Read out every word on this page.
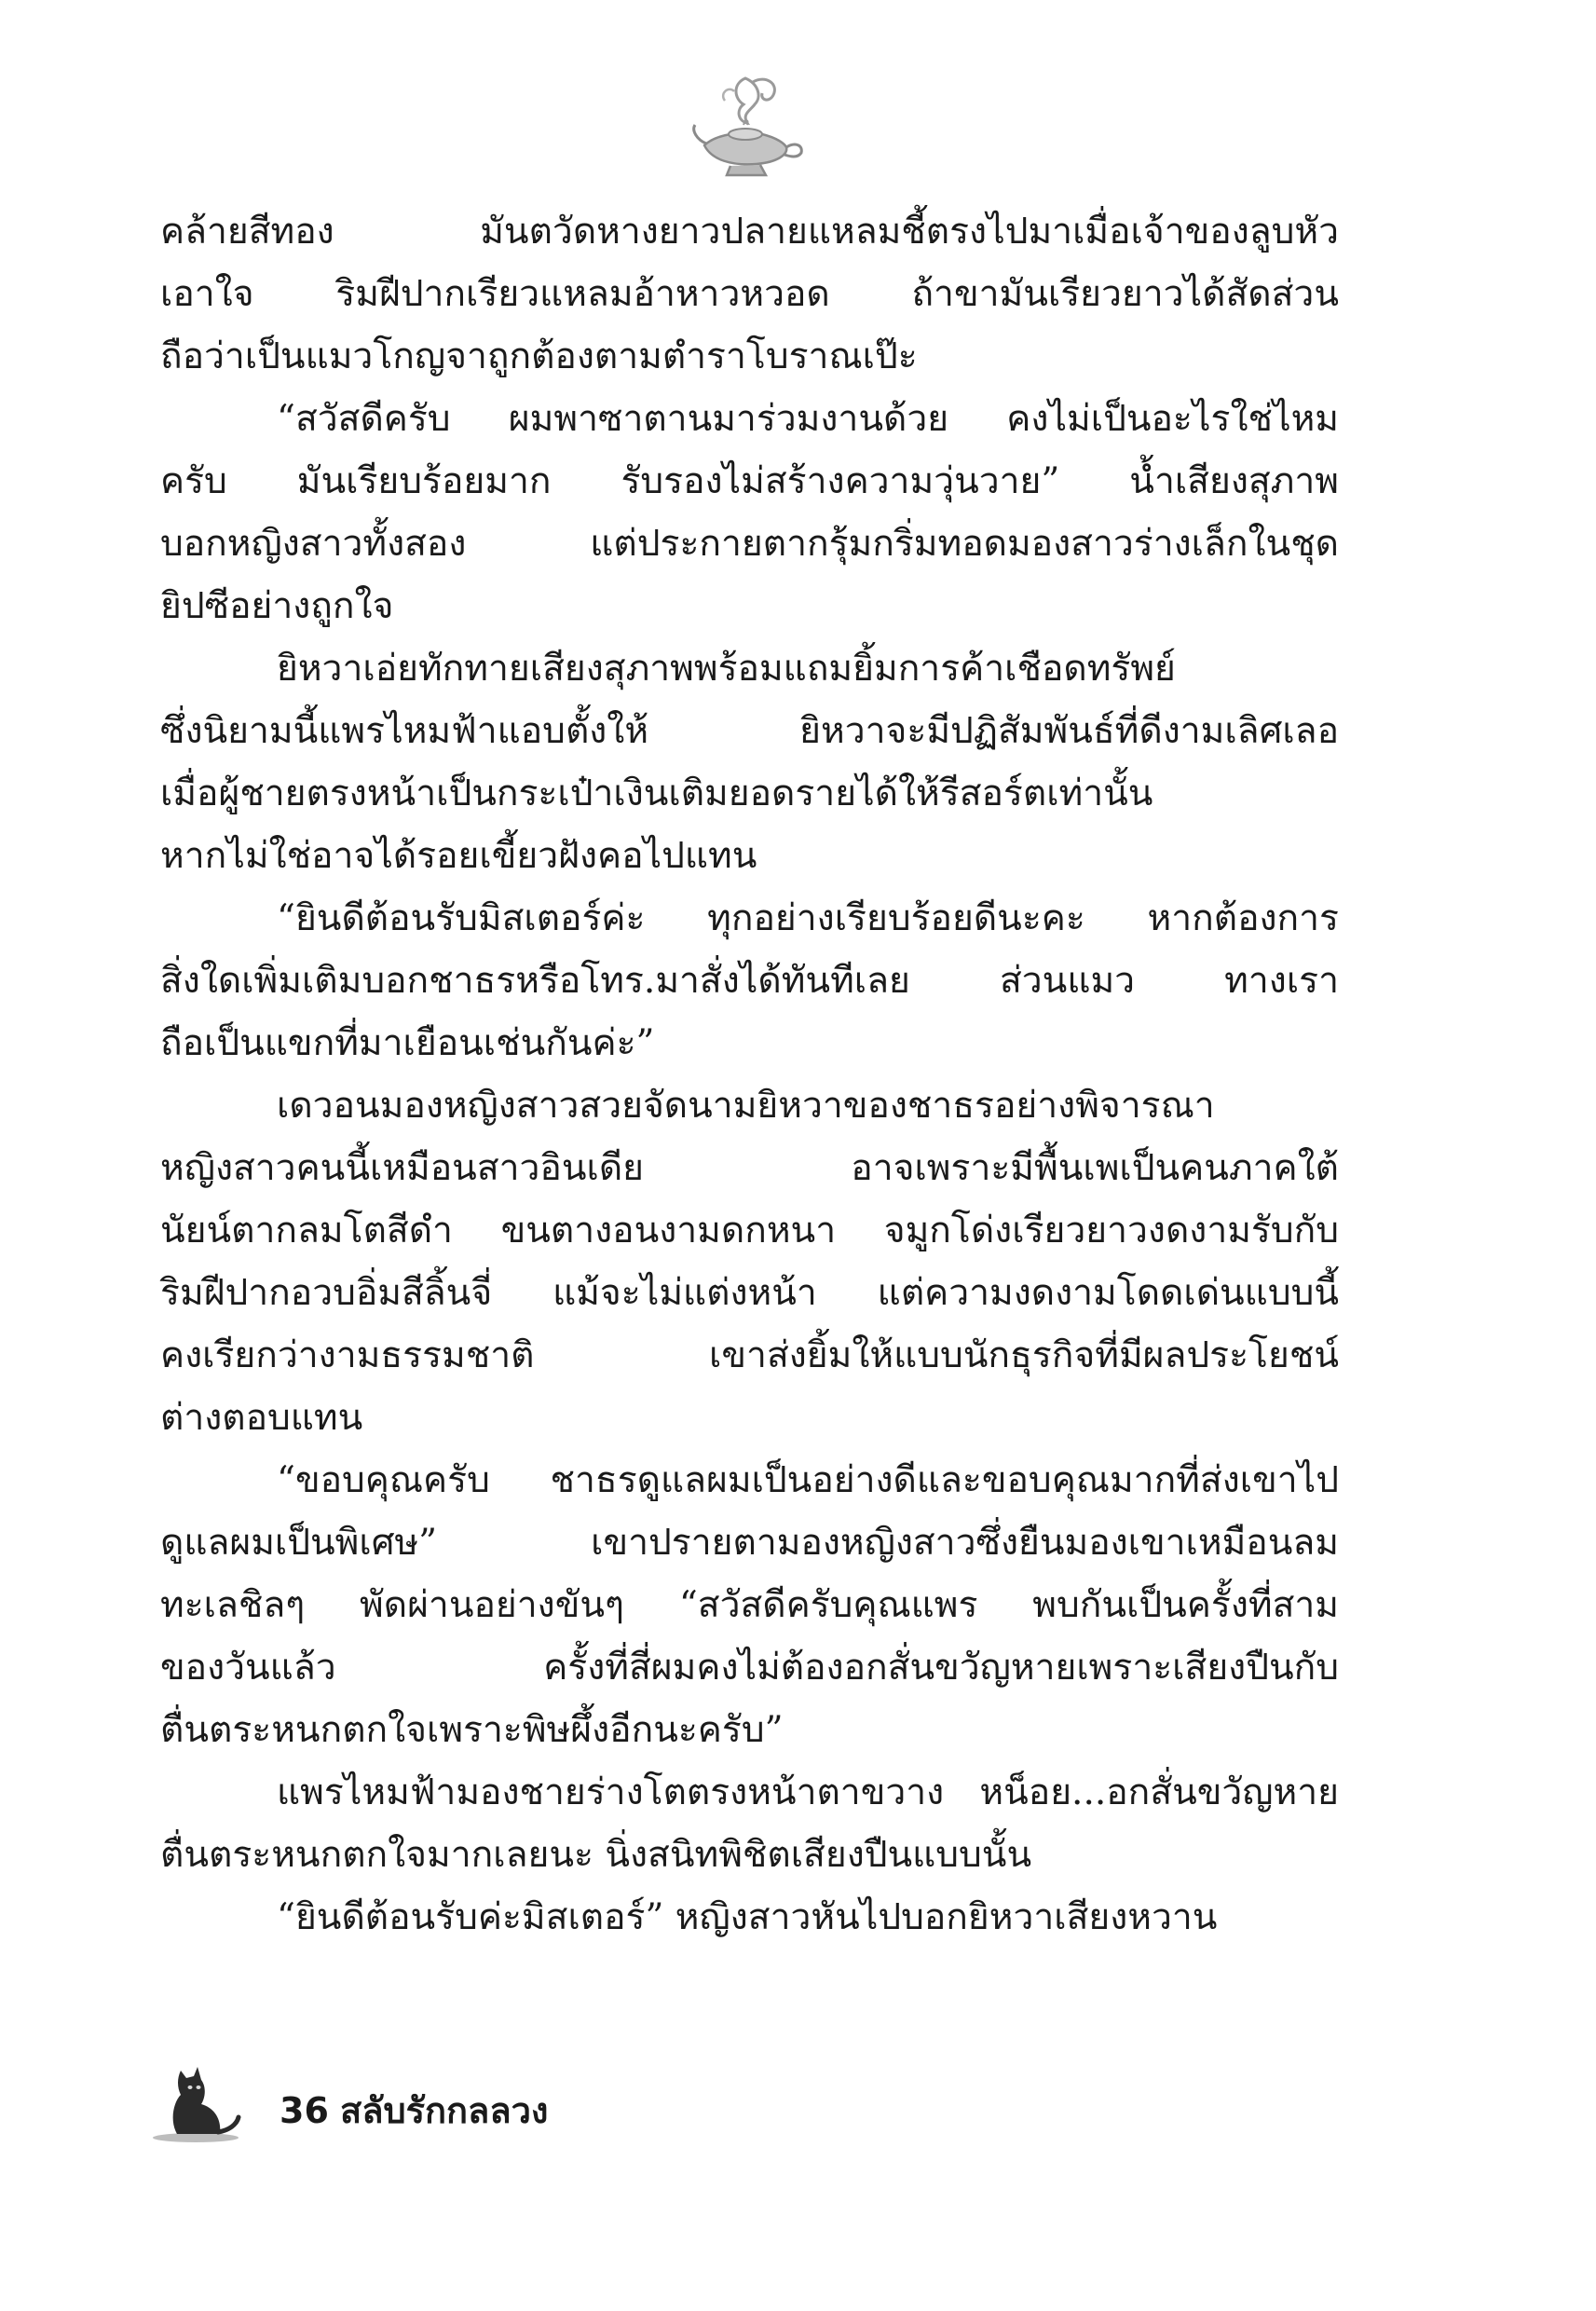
คล้ายสีทอง มันตวัดหางยาวปลายแหลมชี้ตรงไปมาเมื่อเจ้าของลูบหัว
เอาใจ ริมฝีปากเรียวแหลมอ้าหาวหวอด ถ้าขามันเรียวยาวได้สัดส่วน
ถือว่าเป็นแมวโกญจาถูกต้องตามตำราโบราณเป๊ะ
“สวัสดีครับ ผมพาซาตานมาร่วมงานด้วย คงไม่เป็นอะไรใช่ไหม
ครับ มันเรียบร้อยมาก รับรองไม่สร้างความวุ่นวาย” น้ำเสียงสุภาพ
บอกหญิงสาวทั้งสอง แต่ประกายตากรุ้มกริ่มทอดมองสาวร่างเล็กในชุด
ยิปซีอย่างถูกใจ
ยิหวาเอ่ยทักทายเสียงสุภาพพร้อมแถมยิ้มการค้าเชือดทรัพย์
ซึ่งนิยามนี้แพรไหมฟ้าแอบตั้งให้ ยิหวาจะมีปฏิสัมพันธ์ที่ดีงามเลิศเลอ
เมื่อผู้ชายตรงหน้าเป็นกระเป๋าเงินเติมยอดรายได้ให้รีสอร์ตเท่านั้น
หากไม่ใช่อาจได้รอยเขี้ยวฝังคอไปแทน
“ยินดีต้อนรับมิสเตอร์ค่ะ ทุกอย่างเรียบร้อยดีนะคะ หากต้องการ
สิ่งใดเพิ่มเติมบอกชาธรหรือโทร.มาสั่งได้ทันทีเลย ส่วนแมว ทางเรา
ถือเป็นแขกที่มาเยือนเช่นกันค่ะ”
เดวอนมองหญิงสาวสวยจัดนามยิหวาของชาธรอย่างพิจารณา
หญิงสาวคนนี้เหมือนสาวอินเดีย อาจเพราะมีพื้นเพเป็นคนภาคใต้
นัยน์ตากลมโตสีดำ ขนตางอนงามดกหนา จมูกโด่งเรียวยาวงดงามรับกับ
ริมฝีปากอวบอิ่มสีลิ้นจี่ แม้จะไม่แต่งหน้า แต่ความงดงามโดดเด่นแบบนี้
คงเรียกว่างามธรรมชาติ เขาส่งยิ้มให้แบบนักธุรกิจที่มีผลประโยชน์
ต่างตอบแทน
“ขอบคุณครับ ชาธรดูแลผมเป็นอย่างดีและขอบคุณมากที่ส่งเขาไป
ดูแลผมเป็นพิเศษ” เขาปรายตามองหญิงสาวซึ่งยืนมองเขาเหมือนลม
ทะเลชิลๆ พัดผ่านอย่างขันๆ “สวัสดีครับคุณแพร พบกันเป็นครั้งที่สาม
ของวันแล้ว ครั้งที่สี่ผมคงไม่ต้องอกสั่นขวัญหายเพราะเสียงปืนกับ
ตื่นตระหนกตกใจเพราะพิษผึ้งอีกนะครับ”
แพรไหมฟ้ามองชายร่างโตตรงหน้าตาขวาง หน็อย...อกสั่นขวัญหาย
ตื่นตระหนกตกใจมากเลยนะ นิ่งสนิทพิชิตเสียงปืนแบบนั้น
“ยินดีต้อนรับค่ะมิสเตอร์” หญิงสาวหันไปบอกยิหวาเสียงหวาน
36 สลับรักกลลวง
